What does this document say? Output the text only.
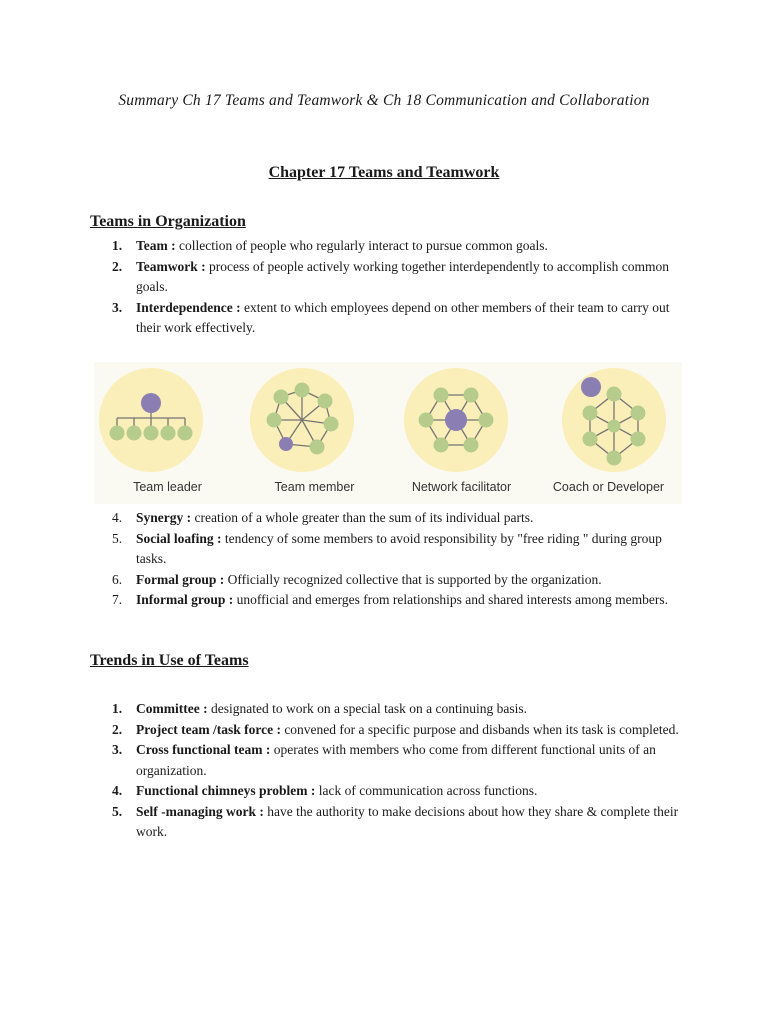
Summary Ch 17 Teams and Teamwork & Ch 18 Communication and Collaboration
Chapter 17 Teams and Teamwork
Teams in Organization
1. Team : collection of people who regularly interact to pursue common goals.
2. Teamwork : process of people actively working together interdependently to accomplish common goals.
3. Interdependence : extent to which employees depend on other members of their team to carry out their work effectively.
Team leader	Team member	Network facilitator	Coach or Developer
4. Synergy : creation of a whole greater than the sum of its individual parts.
5. Social loafing : tendency of some members to avoid responsibility by "free riding " during group tasks.
6. Formal group : Officially recognized collective that is supported by the organization.
7. Informal group : unofficial and emerges from relationships and shared interests among members.
Trends in Use of Teams
1. Committee : designated to work on a special task on a continuing basis.
2. Project team /task force : convened for a specific purpose and disbands when its task is completed.
3. Cross functional team : operates with members who come from different functional units of an organization.
4. Functional chimneys problem : lack of communication across functions.
5. Self -managing work : have the authority to make decisions about how they share & complete their work.
